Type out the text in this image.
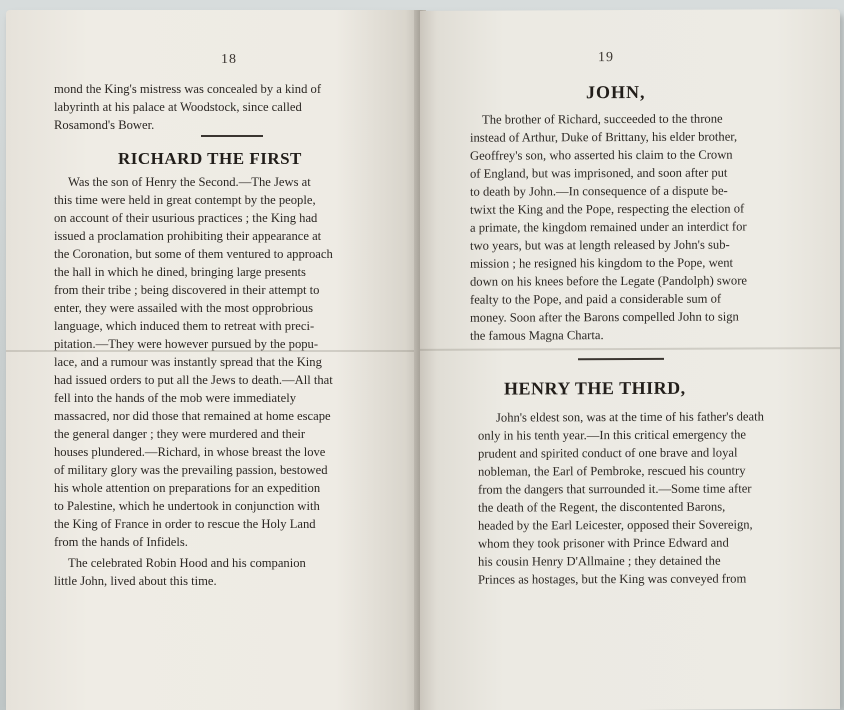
18
mond the King's mistress was concealed by a kind of
labyrinth at his palace at Woodstock, since called
Rosamond's Bower.
RICHARD THE FIRST
Was the son of Henry the Second.—The Jews at
this time were held in great contempt by the people,
on account of their usurious practices ; the King had
issued a proclamation prohibiting their appearance at
the Coronation, but some of them ventured to approach
the hall in which he dined, bringing large presents
from their tribe ; being discovered in their attempt to
enter, they were assailed with the most opprobrious
language, which induced them to retreat with preci-
pitation.—They were however pursued by the popu-
lace, and a rumour was instantly spread that the King
had issued orders to put all the Jews to death.—All that
fell into the hands of the mob were immediately
massacred, nor did those that remained at home escape
the general danger ; they were murdered and their
houses plundered.—Richard, in whose breast the love
of military glory was the prevailing passion, bestowed
his whole attention on preparations for an expedition
to Palestine, which he undertook in conjunction with
the King of France in order to rescue the Holy Land
from the hands of Infidels.
The celebrated Robin Hood and his companion
little John, lived about this time.
19
JOHN,
The brother of Richard, succeeded to the throne
instead of Arthur, Duke of Brittany, his elder brother,
Geoffrey's son, who asserted his claim to the Crown
of England, but was imprisoned, and soon after put
to death by John.—In consequence of a dispute be-
twixt the King and the Pope, respecting the election of
a primate, the kingdom remained under an interdict for
two years, but was at length released by John's sub-
mission ; he resigned his kingdom to the Pope, went
down on his knees before the Legate (Pandolph) swore
fealty to the Pope, and paid a considerable sum of
money. Soon after the Barons compelled John to sign
the famous Magna Charta.
HENRY THE THIRD,
John's eldest son, was at the time of his father's death
only in his tenth year.—In this critical emergency the
prudent and spirited conduct of one brave and loyal
nobleman, the Earl of Pembroke, rescued his country
from the dangers that surrounded it.—Some time after
the death of the Regent, the discontented Barons,
headed by the Earl Leicester, opposed their Sovereign,
whom they took prisoner with Prince Edward and
his cousin Henry D'Allmaine ; they detained the
Princes as hostages, but the King was conveyed from
